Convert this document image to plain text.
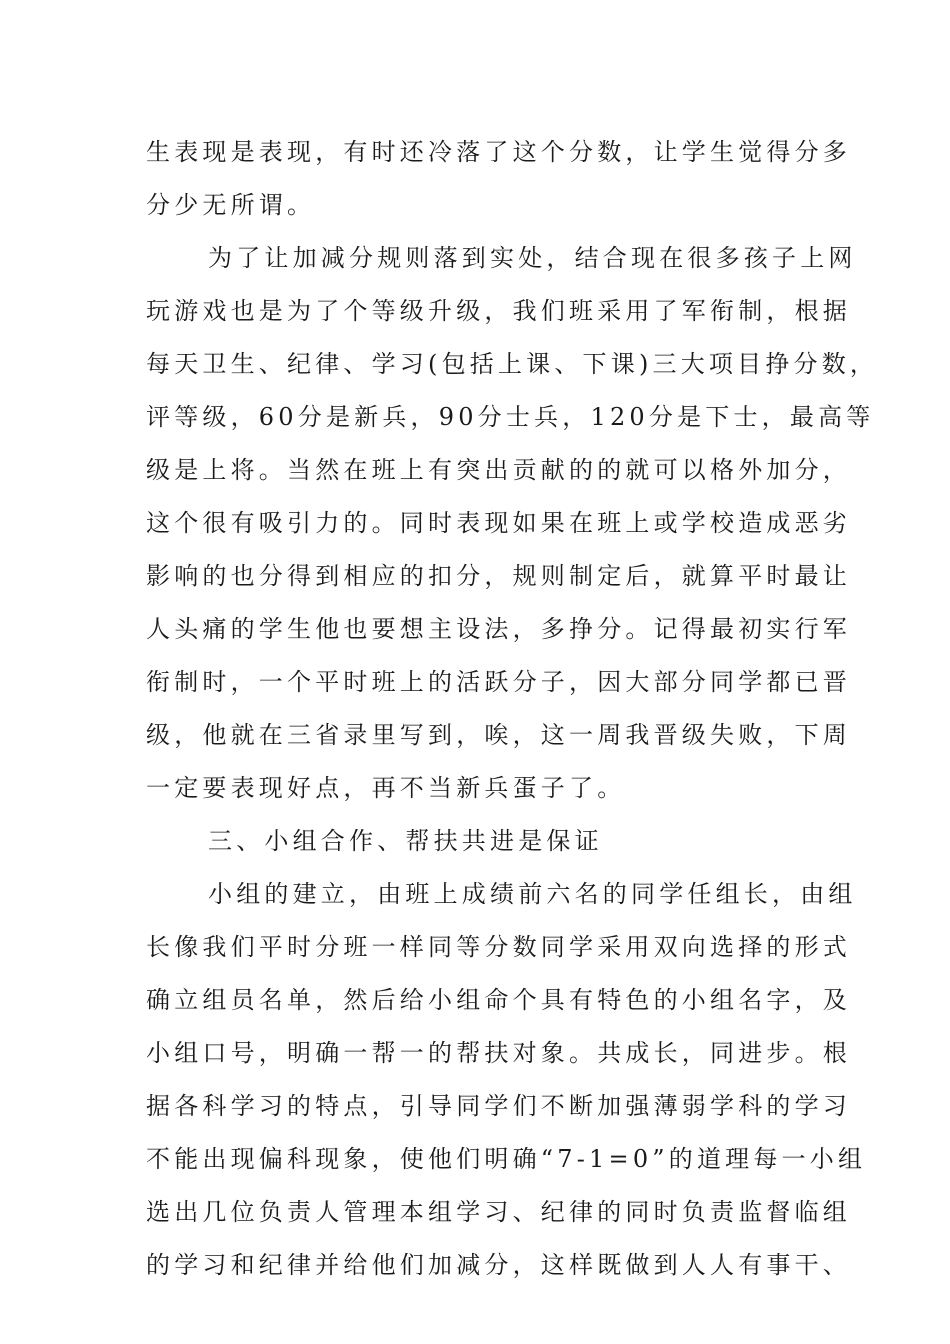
生表现是表现，有时还冷落了这个分数，让学生觉得分多
分少无所谓。
为了让加减分规则落到实处，结合现在很多孩子上网
玩游戏也是为了个等级升级，我们班采用了军衔制，根据
每天卫生、纪律、学习(包括上课、下课)三大项目挣分数，
评等级，60分是新兵，90分士兵，120分是下士，最高等
级是上将。当然在班上有突出贡献的的就可以格外加分，
这个很有吸引力的。同时表现如果在班上或学校造成恶劣
影响的也分得到相应的扣分，规则制定后，就算平时最让
人头痛的学生他也要想主设法，多挣分。记得最初实行军
衔制时，一个平时班上的活跃分子，因大部分同学都已晋
级，他就在三省录里写到，唉，这一周我晋级失败，下周
一定要表现好点，再不当新兵蛋子了。
三、小组合作、帮扶共进是保证
小组的建立，由班上成绩前六名的同学任组长，由组
长像我们平时分班一样同等分数同学采用双向选择的形式
确立组员名单，然后给小组命个具有特色的小组名字，及
小组口号，明确一帮一的帮扶对象。共成长，同进步。根
据各科学习的特点，引导同学们不断加强薄弱学科的学习
不能出现偏科现象，使他们明确“7-1=0”的道理每一小组
选出几位负责人管理本组学习、纪律的同时负责监督临组
的学习和纪律并给他们加减分，这样既做到人人有事干、
